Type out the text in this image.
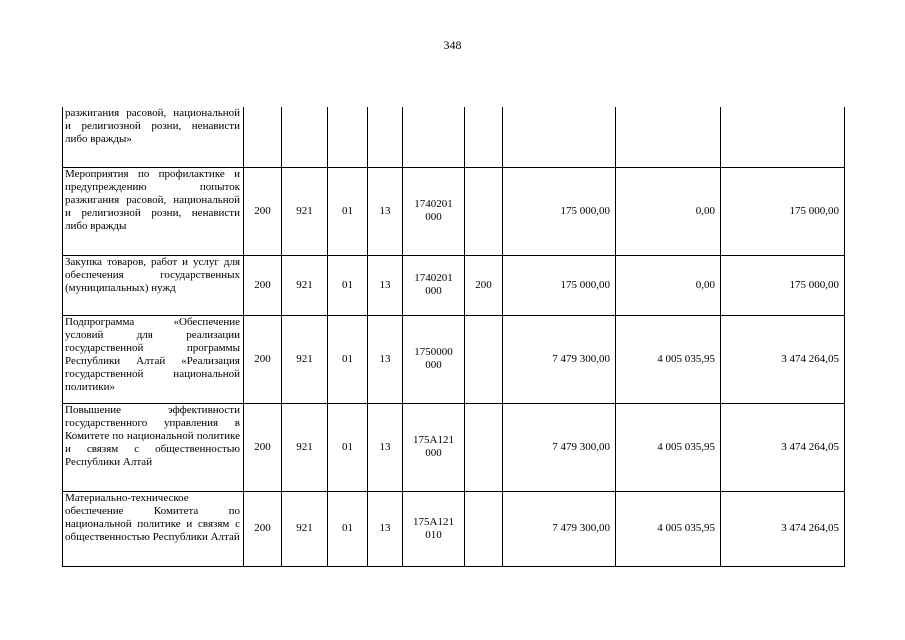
348
разжигания расовой, национальной и религиозной розни, ненависти либо вражды»									
Мероприятия по профилактике и предупреждению попыток разжигания расовой, национальной и религиозной розни, ненависти либо вражды	200	921	01	13	1740201 000		175 000,00	0,00	175 000,00
Закупка товаров, работ и услуг для обеспечения государственных (муниципальных) нужд	200	921	01	13	1740201 000	200	175 000,00	0,00	175 000,00
Подпрограмма «Обеспечение условий для реализации государственной программы Республики Алтай «Реализация государственной национальной политики»	200	921	01	13	1750000 000		7 479 300,00	4 005 035,95	3 474 264,05
Повышение эффективности государственного управления в Комитете по национальной политике и связям с общественностью Республики Алтай	200	921	01	13	175А121 000		7 479 300,00	4 005 035,95	3 474 264,05
Материально-техническое обеспечение Комитета по национальной политике и связям с общественностью Республики Алтай	200	921	01	13	175А121 010		7 479 300,00	4 005 035,95	3 474 264,05
